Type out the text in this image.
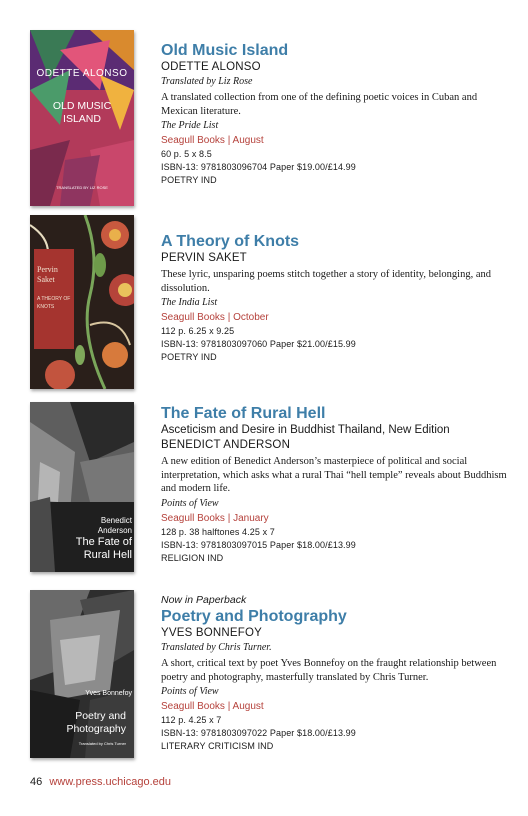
ODETTE ALONSO
OLD MUSIC ISLAND
TRANSLATED BY LIZ ROSE
Old Music Island
ODETTE ALONSO
Translated by Liz Rose
A translated collection from one of the defining poetic voices in Cuban and Mexican literature.
The Pride List
Seagull Books | August
60 p. 5 x 8.5
ISBN-13: 9781803096704 Paper $19.00/£14.99
POETRY IND
Pervin Saket
A THEORY OF KNOTS
A Theory of Knots
PERVIN SAKET
These lyric, unsparing poems stitch together a story of identity, belonging, and dissolution.
The India List
Seagull Books | October
112 p. 6.25 x 9.25
ISBN-13: 9781803097060 Paper $21.00/£15.99
POETRY IND
Benedict Anderson
The Fate of Rural Hell
The Fate of Rural Hell
Asceticism and Desire in Buddhist Thailand, New Edition
BENEDICT ANDERSON
A new edition of Benedict Anderson’s masterpiece of political and social interpretation, which asks what a rural Thai “hell temple” reveals about Buddhism and modern life.
Points of View
Seagull Books | January
128 p. 38 halftones 4.25 x 7
ISBN-13: 9781803097015 Paper $18.00/£13.99
RELIGION IND
Yves Bonnefoy
Poetry and Photography
Translated by Chris Turner
Now in Paperback
Poetry and Photography
YVES BONNEFOY
Translated by Chris Turner.
A short, critical text by poet Yves Bonnefoy on the fraught relationship between poetry and photography, masterfully translated by Chris Turner.
Points of View
Seagull Books | August
112 p. 4.25 x 7
ISBN-13: 9781803097022 Paper $18.00/£13.99
LITERARY CRITICISM IND
46 www.press.uchicago.edu
